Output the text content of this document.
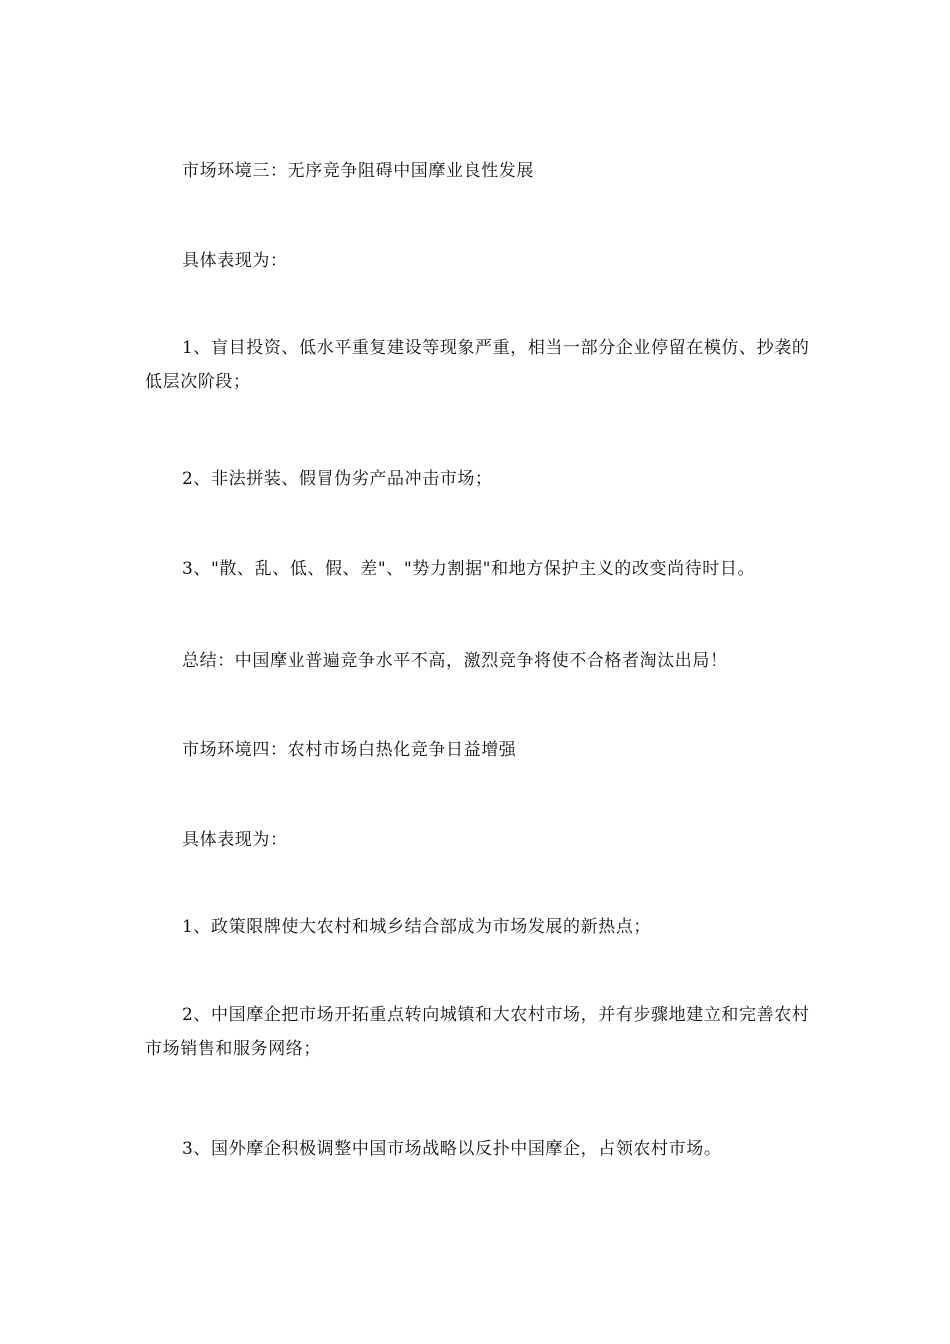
市场环境三：无序竞争阻碍中国摩业良性发展

具体表现为：

1、盲目投资、低水平重复建设等现象严重，相当一部分企业停留在模仿、抄袭的低层次阶段；

2、非法拼装、假冒伪劣产品冲击市场；

3、"散、乱、低、假、差"、"势力割据"和地方保护主义的改变尚待时日。

总结：中国摩业普遍竞争水平不高，激烈竞争将使不合格者淘汰出局！

市场环境四：农村市场白热化竞争日益增强

具体表现为：

1、政策限牌使大农村和城乡结合部成为市场发展的新热点；

2、中国摩企把市场开拓重点转向城镇和大农村市场，并有步骤地建立和完善农村市场销售和服务网络；

3、国外摩企积极调整中国市场战略以反扑中国摩企，占领农村市场。
